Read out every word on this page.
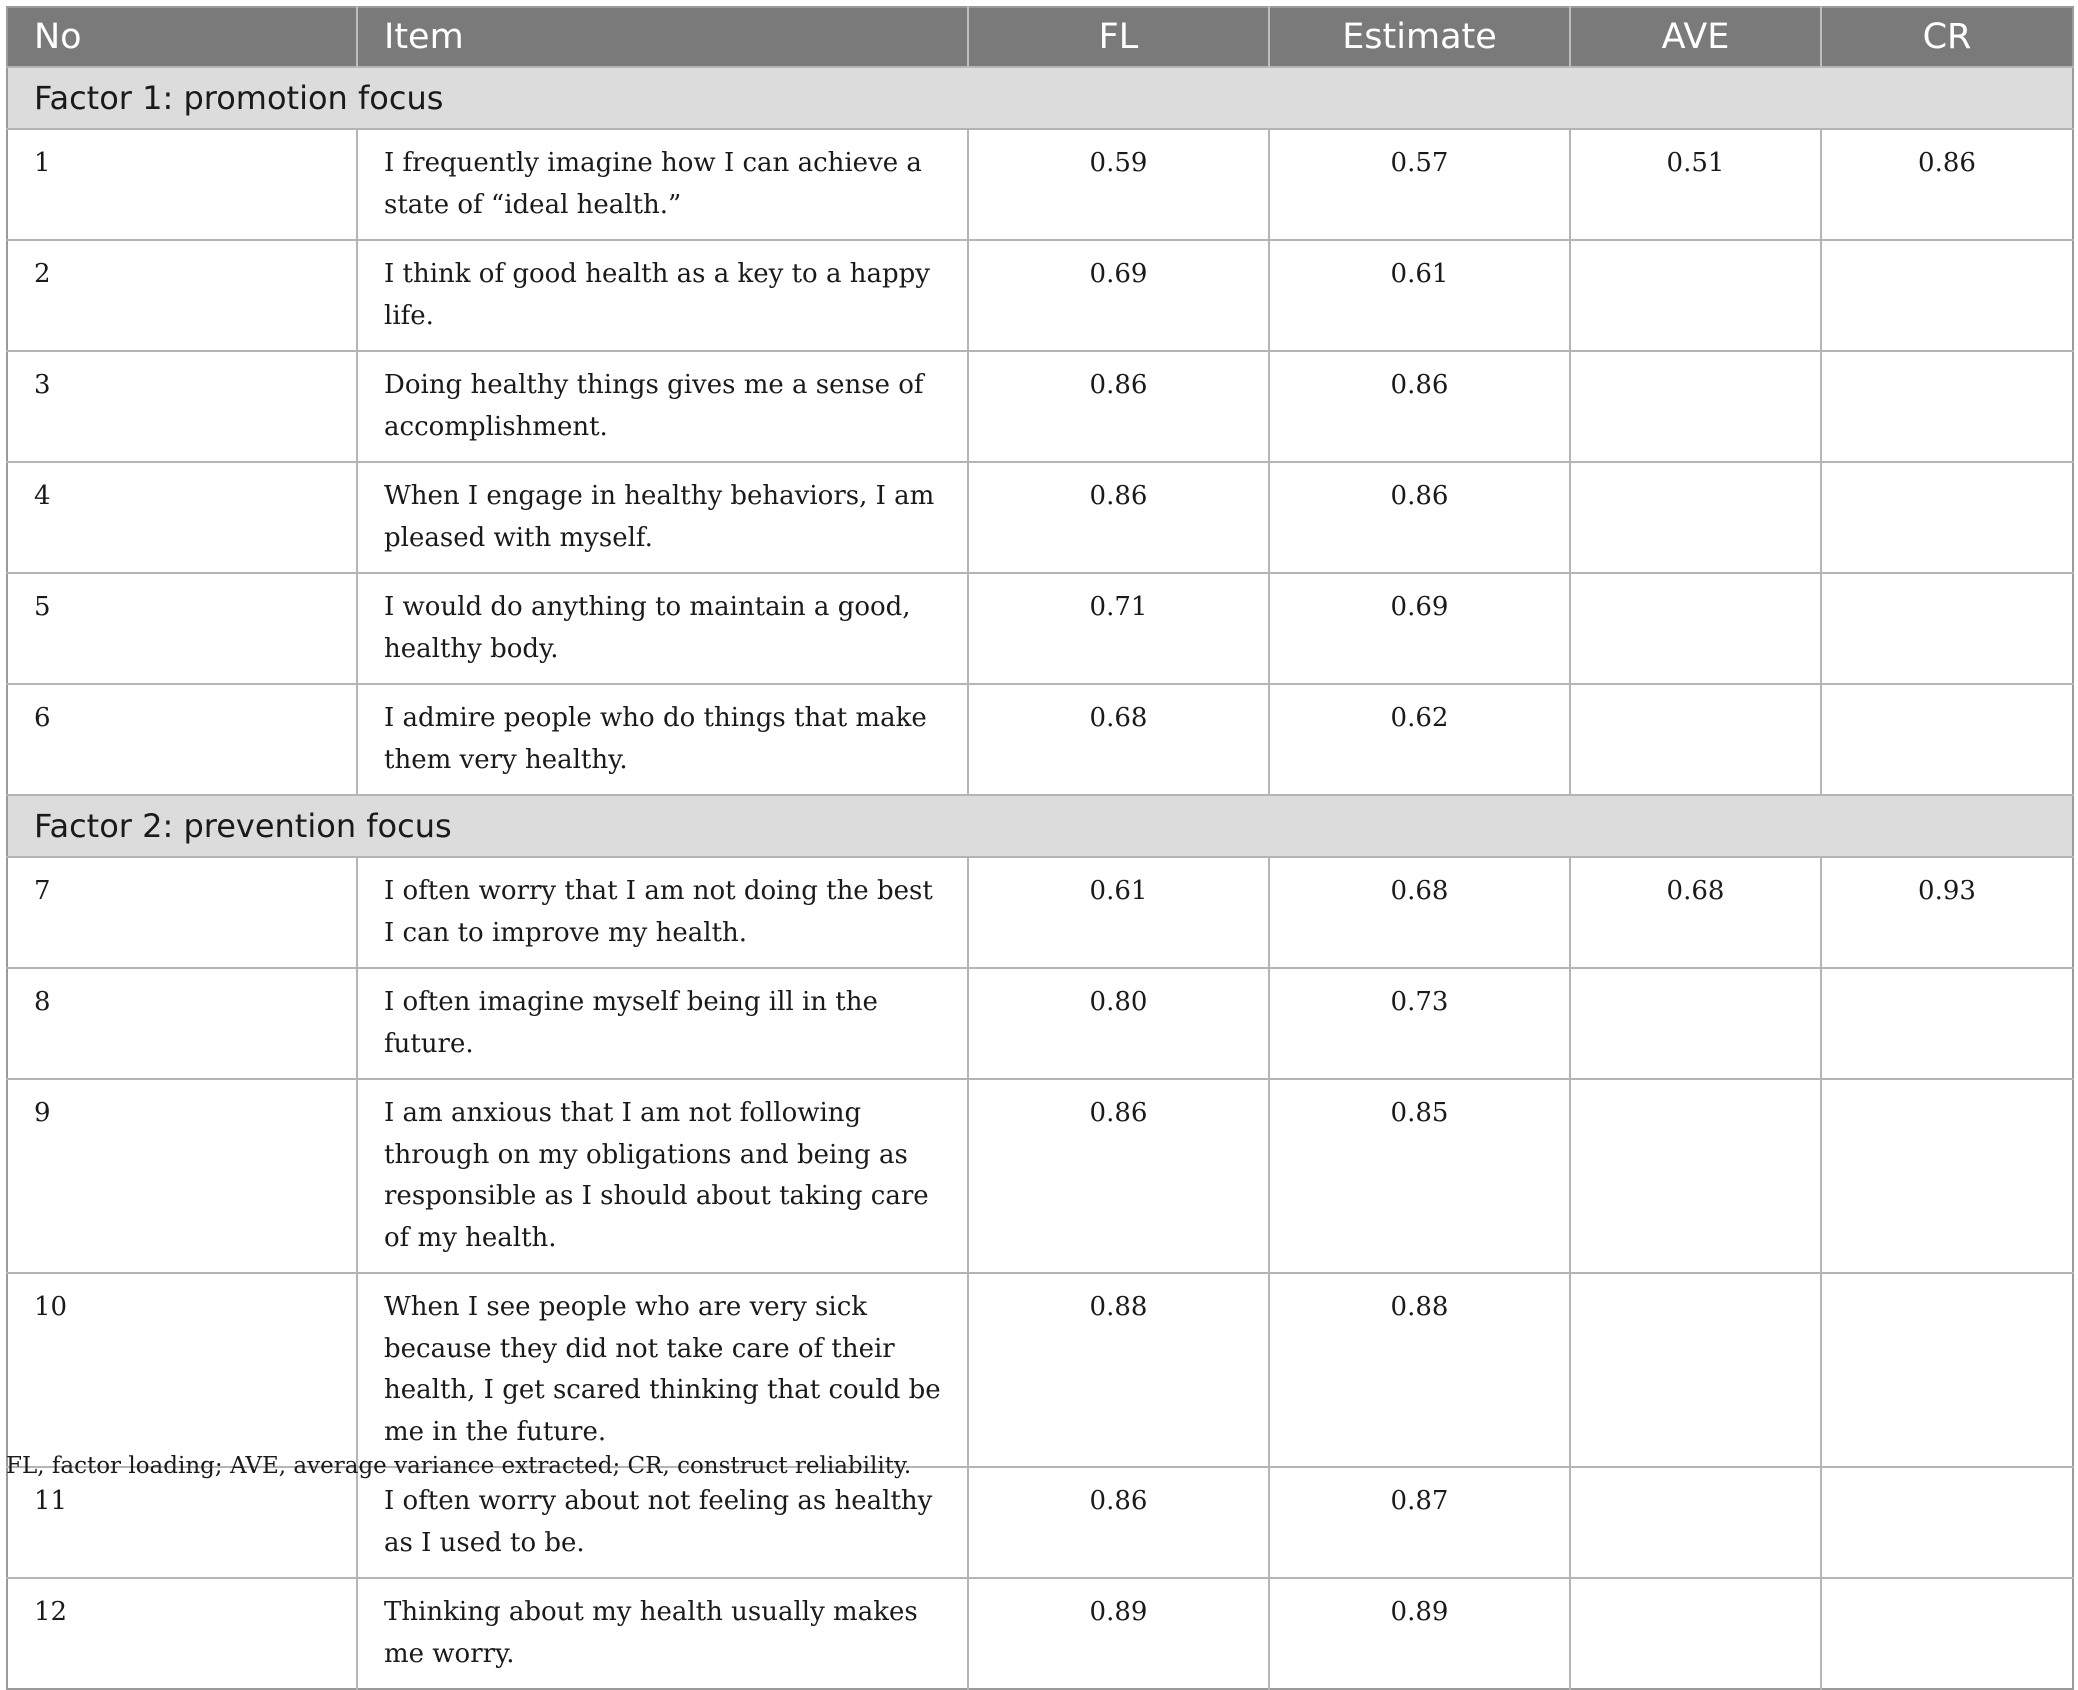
No	Item	FL	Estimate	AVE	CR
Factor 1: promotion focus					
1	I frequently imagine how I can achieve a state of “ideal health.”	0.59	0.57	0.51	0.86
2	I think of good health as a key to a happy life.	0.69	0.61		
3	Doing healthy things gives me a sense of accomplishment.	0.86	0.86		
4	When I engage in healthy behaviors, I am pleased with myself.	0.86	0.86		
5	I would do anything to maintain a good, healthy body.	0.71	0.69		
6	I admire people who do things that make them very healthy.	0.68	0.62		
Factor 2: prevention focus					
7	I often worry that I am not doing the best I can to improve my health.	0.61	0.68	0.68	0.93
8	I often imagine myself being ill in the future.	0.80	0.73		
9	I am anxious that I am not following through on my obligations and being as responsible as I should about taking care of my health.	0.86	0.85		
10	When I see people who are very sick because they did not take care of their health, I get scared thinking that could be me in the future.	0.88	0.88		
11	I often worry about not feeling as healthy as I used to be.	0.86	0.87		
12	Thinking about my health usually makes me worry.	0.89	0.89		
FL, factor loading; AVE, average variance extracted; CR, construct reliability.
